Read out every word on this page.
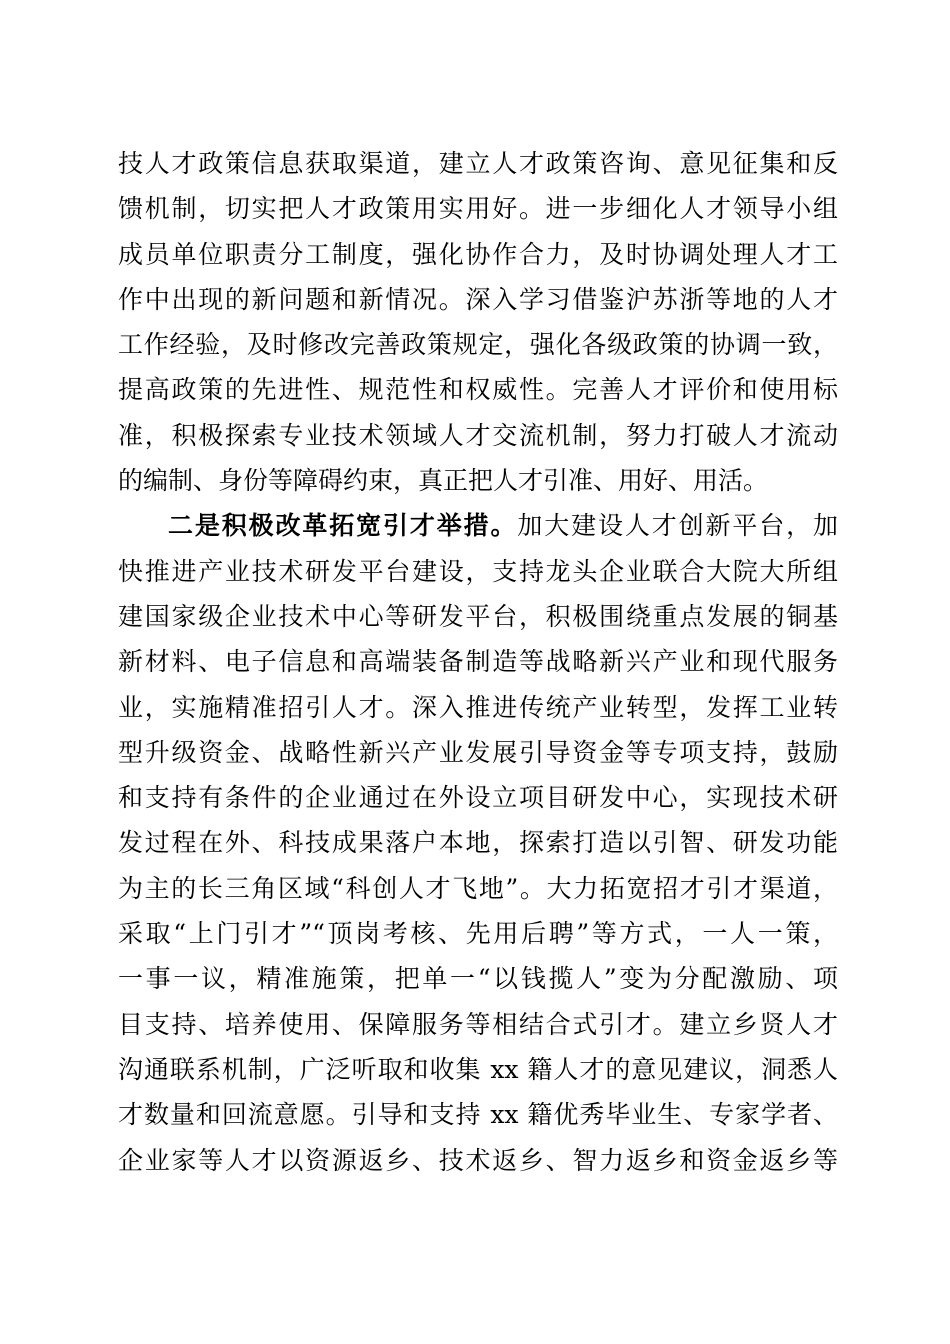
技人才政策信息获取渠道，建立人才政策咨询、意见征集和反
馈机制，切实把人才政策用实用好。进一步细化人才领导小组
成员单位职责分工制度，强化协作合力，及时协调处理人才工
作中出现的新问题和新情况。深入学习借鉴沪苏浙等地的人才
工作经验，及时修改完善政策规定，强化各级政策的协调一致，
提高政策的先进性、规范性和权威性。完善人才评价和使用标
准，积极探索专业技术领域人才交流机制，努力打破人才流动
的编制、身份等障碍约束，真正把人才引准、用好、用活。
二是积极改革拓宽引才举措。加大建设人才创新平台，加
快推进产业技术研发平台建设，支持龙头企业联合大院大所组
建国家级企业技术中心等研发平台，积极围绕重点发展的铜基
新材料、电子信息和高端装备制造等战略新兴产业和现代服务
业，实施精准招引人才。深入推进传统产业转型，发挥工业转
型升级资金、战略性新兴产业发展引导资金等专项支持，鼓励
和支持有条件的企业通过在外设立项目研发中心，实现技术研
发过程在外、科技成果落户本地，探索打造以引智、研发功能
为主的长三角区域“科创人才飞地”。大力拓宽招才引才渠道，
采取“上门引才”“顶岗考核、先用后聘”等方式，一人一策，
一事一议，精准施策，把单一“以钱揽人”变为分配激励、项
目支持、培养使用、保障服务等相结合式引才。建立乡贤人才
沟通联系机制，广泛听取和收集 xx 籍人才的意见建议，洞悉人
才数量和回流意愿。引导和支持 xx 籍优秀毕业生、专家学者、
企业家等人才以资源返乡、技术返乡、智力返乡和资金返乡等
